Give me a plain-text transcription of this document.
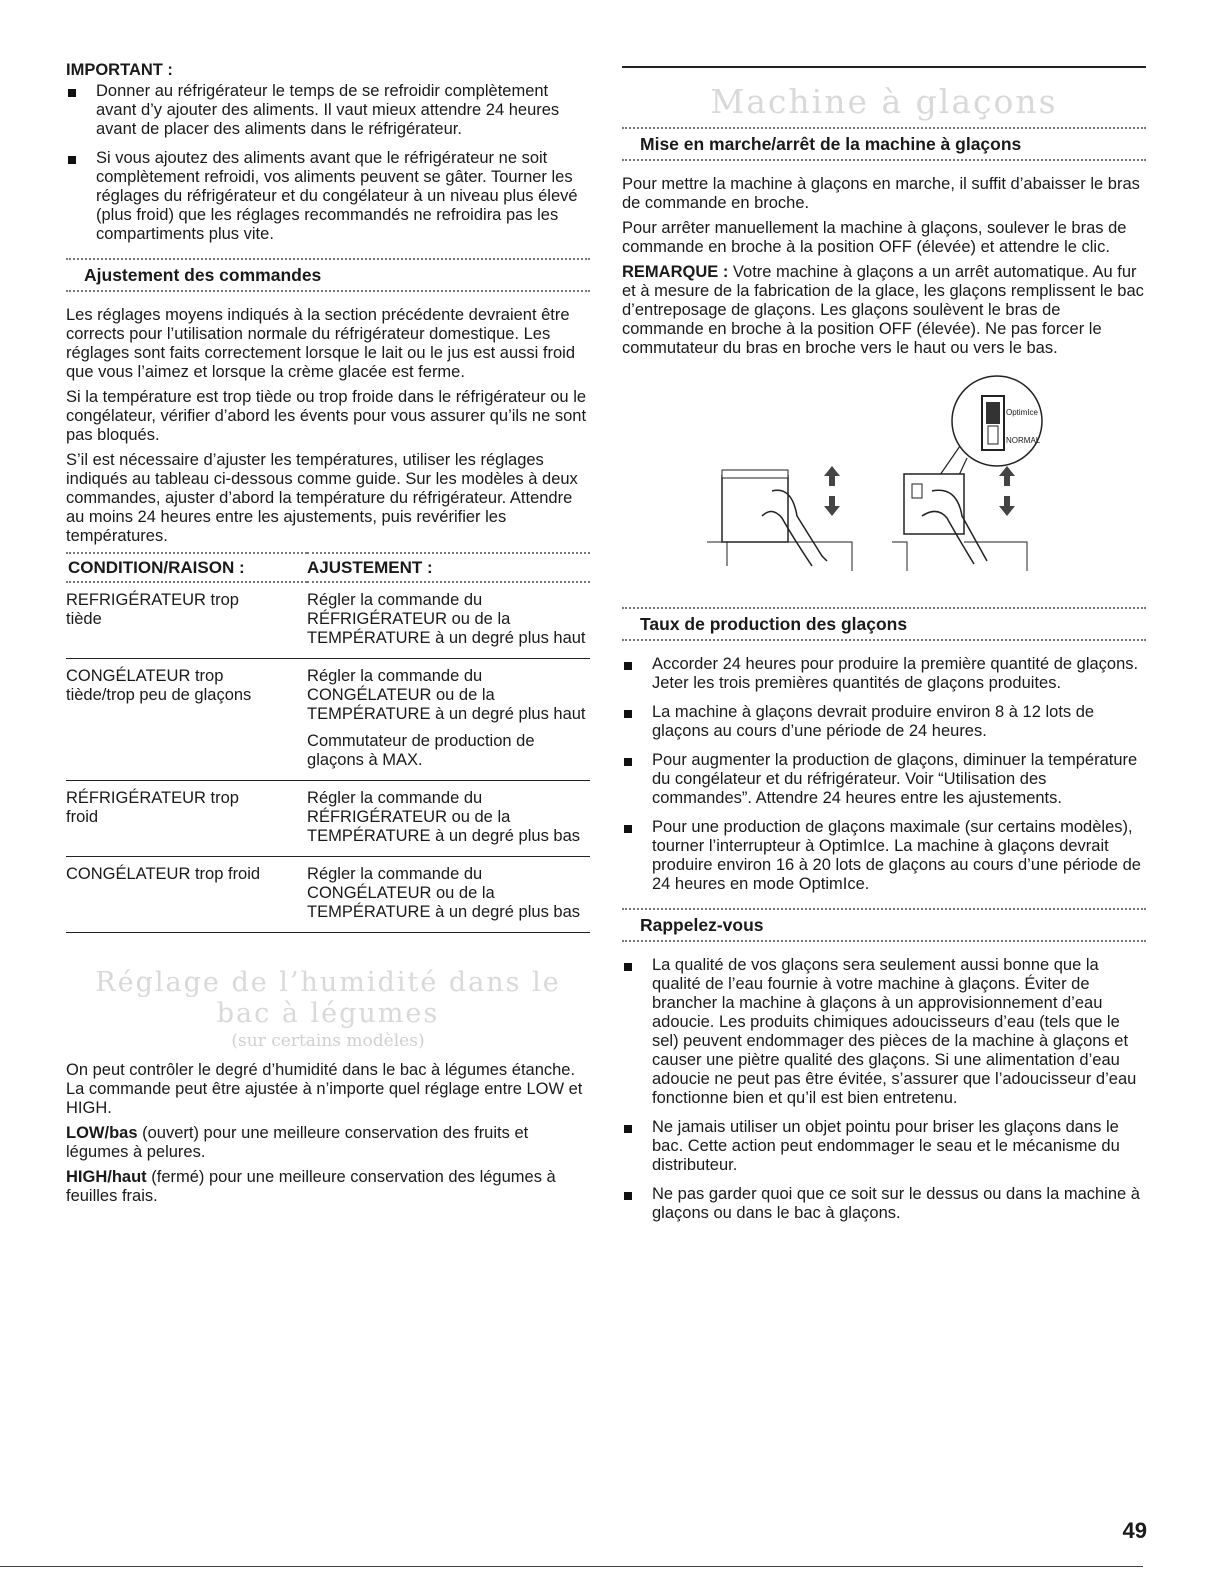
IMPORTANT :
Donner au réfrigérateur le temps de se refroidir complètement avant d’y ajouter des aliments. Il vaut mieux attendre 24 heures avant de placer des aliments dans le réfrigérateur.
Si vous ajoutez des aliments avant que le réfrigérateur ne soit complètement refroidi, vos aliments peuvent se gâter. Tourner les réglages du réfrigérateur et du congélateur à un niveau plus élevé (plus froid) que les réglages recommandés ne refroidira pas les compartiments plus vite.
Ajustement des commandes

Les réglages moyens indiqués à la section précédente devraient être corrects pour l’utilisation normale du réfrigérateur domestique. Les réglages sont faits correctement lorsque le lait ou le jus est aussi froid que vous l’aimez et lorsque la crème glacée est ferme.

Si la température est trop tiède ou trop froide dans le réfrigérateur ou le congélateur, vérifier d’abord les évents pour vous assurer qu’ils ne sont pas bloqués.

S’il est nécessaire d’ajuster les températures, utiliser les réglages indiqués au tableau ci-dessous comme guide. Sur les modèles à deux commandes, ajuster d’abord la température du réfrigérateur. Attendre au moins 24 heures entre les ajustements, puis revérifier les températures.

CONDITION/RAISON :	AJUSTEMENT :
REFRIGÉRATEUR trop tiède	Régler la commande du RÉFRIGÉRATEUR ou de la TEMPÉRATURE à un degré plus haut
CONGÉLATEUR trop tiède/trop peu de glaçons	Régler la commande du CONGÉLATEUR ou de la TEMPÉRATURE à un degré plus haut
Commutateur de production de glaçons à MAX.

RÉFRIGÉRATEUR trop froid	Régler la commande du RÉFRIGÉRATEUR ou de la TEMPÉRATURE à un degré plus bas
CONGÉLATEUR trop froid	Régler la commande du CONGÉLATEUR ou de la TEMPÉRATURE à un degré plus bas

Réglage de l’humidité dans le bac à légumes
(sur certains modèles)

On peut contrôler le degré d’humidité dans le bac à légumes étanche. La commande peut être ajustée à n’importe quel réglage entre LOW et HIGH.

LOW/bas (ouvert) pour une meilleure conservation des fruits et légumes à pelures.

HIGH/haut (fermé) pour une meilleure conservation des légumes à feuilles frais.

Machine à glaçons
Mise en marche/arrêt de la machine à glaçons

Pour mettre la machine à glaçons en marche, il suffit d’abaisser le bras de commande en broche.

Pour arrêter manuellement la machine à glaçons, soulever le bras de commande en broche à la position OFF (élevée) et attendre le clic.

REMARQUE : Votre machine à glaçons a un arrêt automatique. Au fur et à mesure de la fabrication de la glace, les glaçons remplissent le bac d’entreposage de glaçons. Les glaçons soulèvent le bras de commande en broche à la position OFF (élevée). Ne pas forcer le commutateur du bras en broche vers le haut ou vers le bas.

OptimIce
NORMAL
Taux de production des glaçons
Accorder 24 heures pour produire la première quantité de glaçons. Jeter les trois premières quantités de glaçons produites.
La machine à glaçons devrait produire environ 8 à 12 lots de glaçons au cours d’une période de 24 heures.
Pour augmenter la production de glaçons, diminuer la température du congélateur et du réfrigérateur. Voir “Utilisation des commandes”. Attendre 24 heures entre les ajustements.
Pour une production de glaçons maximale (sur certains modèles), tourner l’interrupteur à OptimIce. La machine à glaçons devrait produire environ 16 à 20 lots de glaçons au cours d’une période de 24 heures en mode OptimIce.
Rappelez-vous
La qualité de vos glaçons sera seulement aussi bonne que la qualité de l’eau fournie à votre machine à glaçons. Éviter de brancher la machine à glaçons à un approvisionnement d’eau adoucie. Les produits chimiques adoucisseurs d’eau (tels que le sel) peuvent endommager des pièces de la machine à glaçons et causer une piètre qualité des glaçons. Si une alimentation d’eau adoucie ne peut pas être évitée, s’assurer que l’adoucisseur d’eau fonctionne bien et qu’il est bien entretenu.
Ne jamais utiliser un objet pointu pour briser les glaçons dans le bac. Cette action peut endommager le seau et le mécanisme du distributeur.
Ne pas garder quoi que ce soit sur le dessus ou dans la machine à glaçons ou dans le bac à glaçons.
49
